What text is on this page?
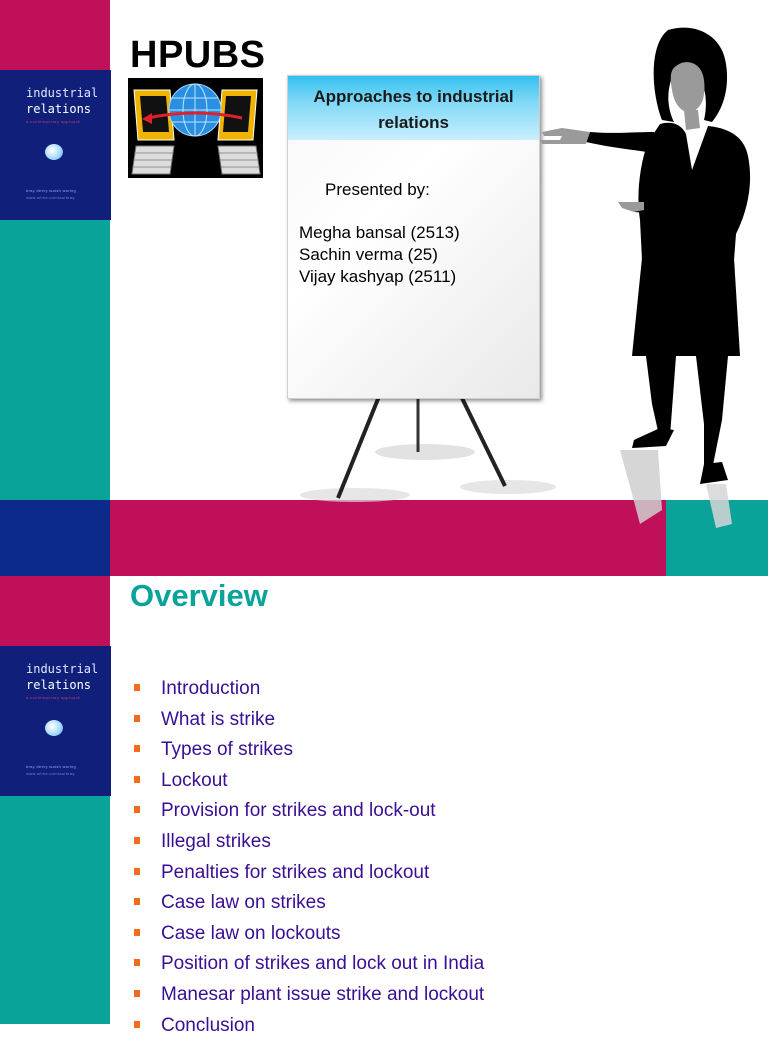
industrial
relations
a contemporary approach
bray deery walsh waring
www.mhhe.com/au/bray
HPUBS
Approaches to industrial relations
Presented by:
Megha bansal (2513)
Sachin verma (25)
Vijay kashyap (2511)
industrial
relations
a contemporary approach
bray deery walsh waring
www.mhhe.com/au/bray
Overview
Introduction
What is strike
Types of strikes
Lockout
Provision for strikes and lock-out
Illegal strikes
Penalties for strikes and lockout
Case law on strikes
Case law on lockouts
Position of strikes and lock out in India
Manesar plant issue strike and lockout
Conclusion
